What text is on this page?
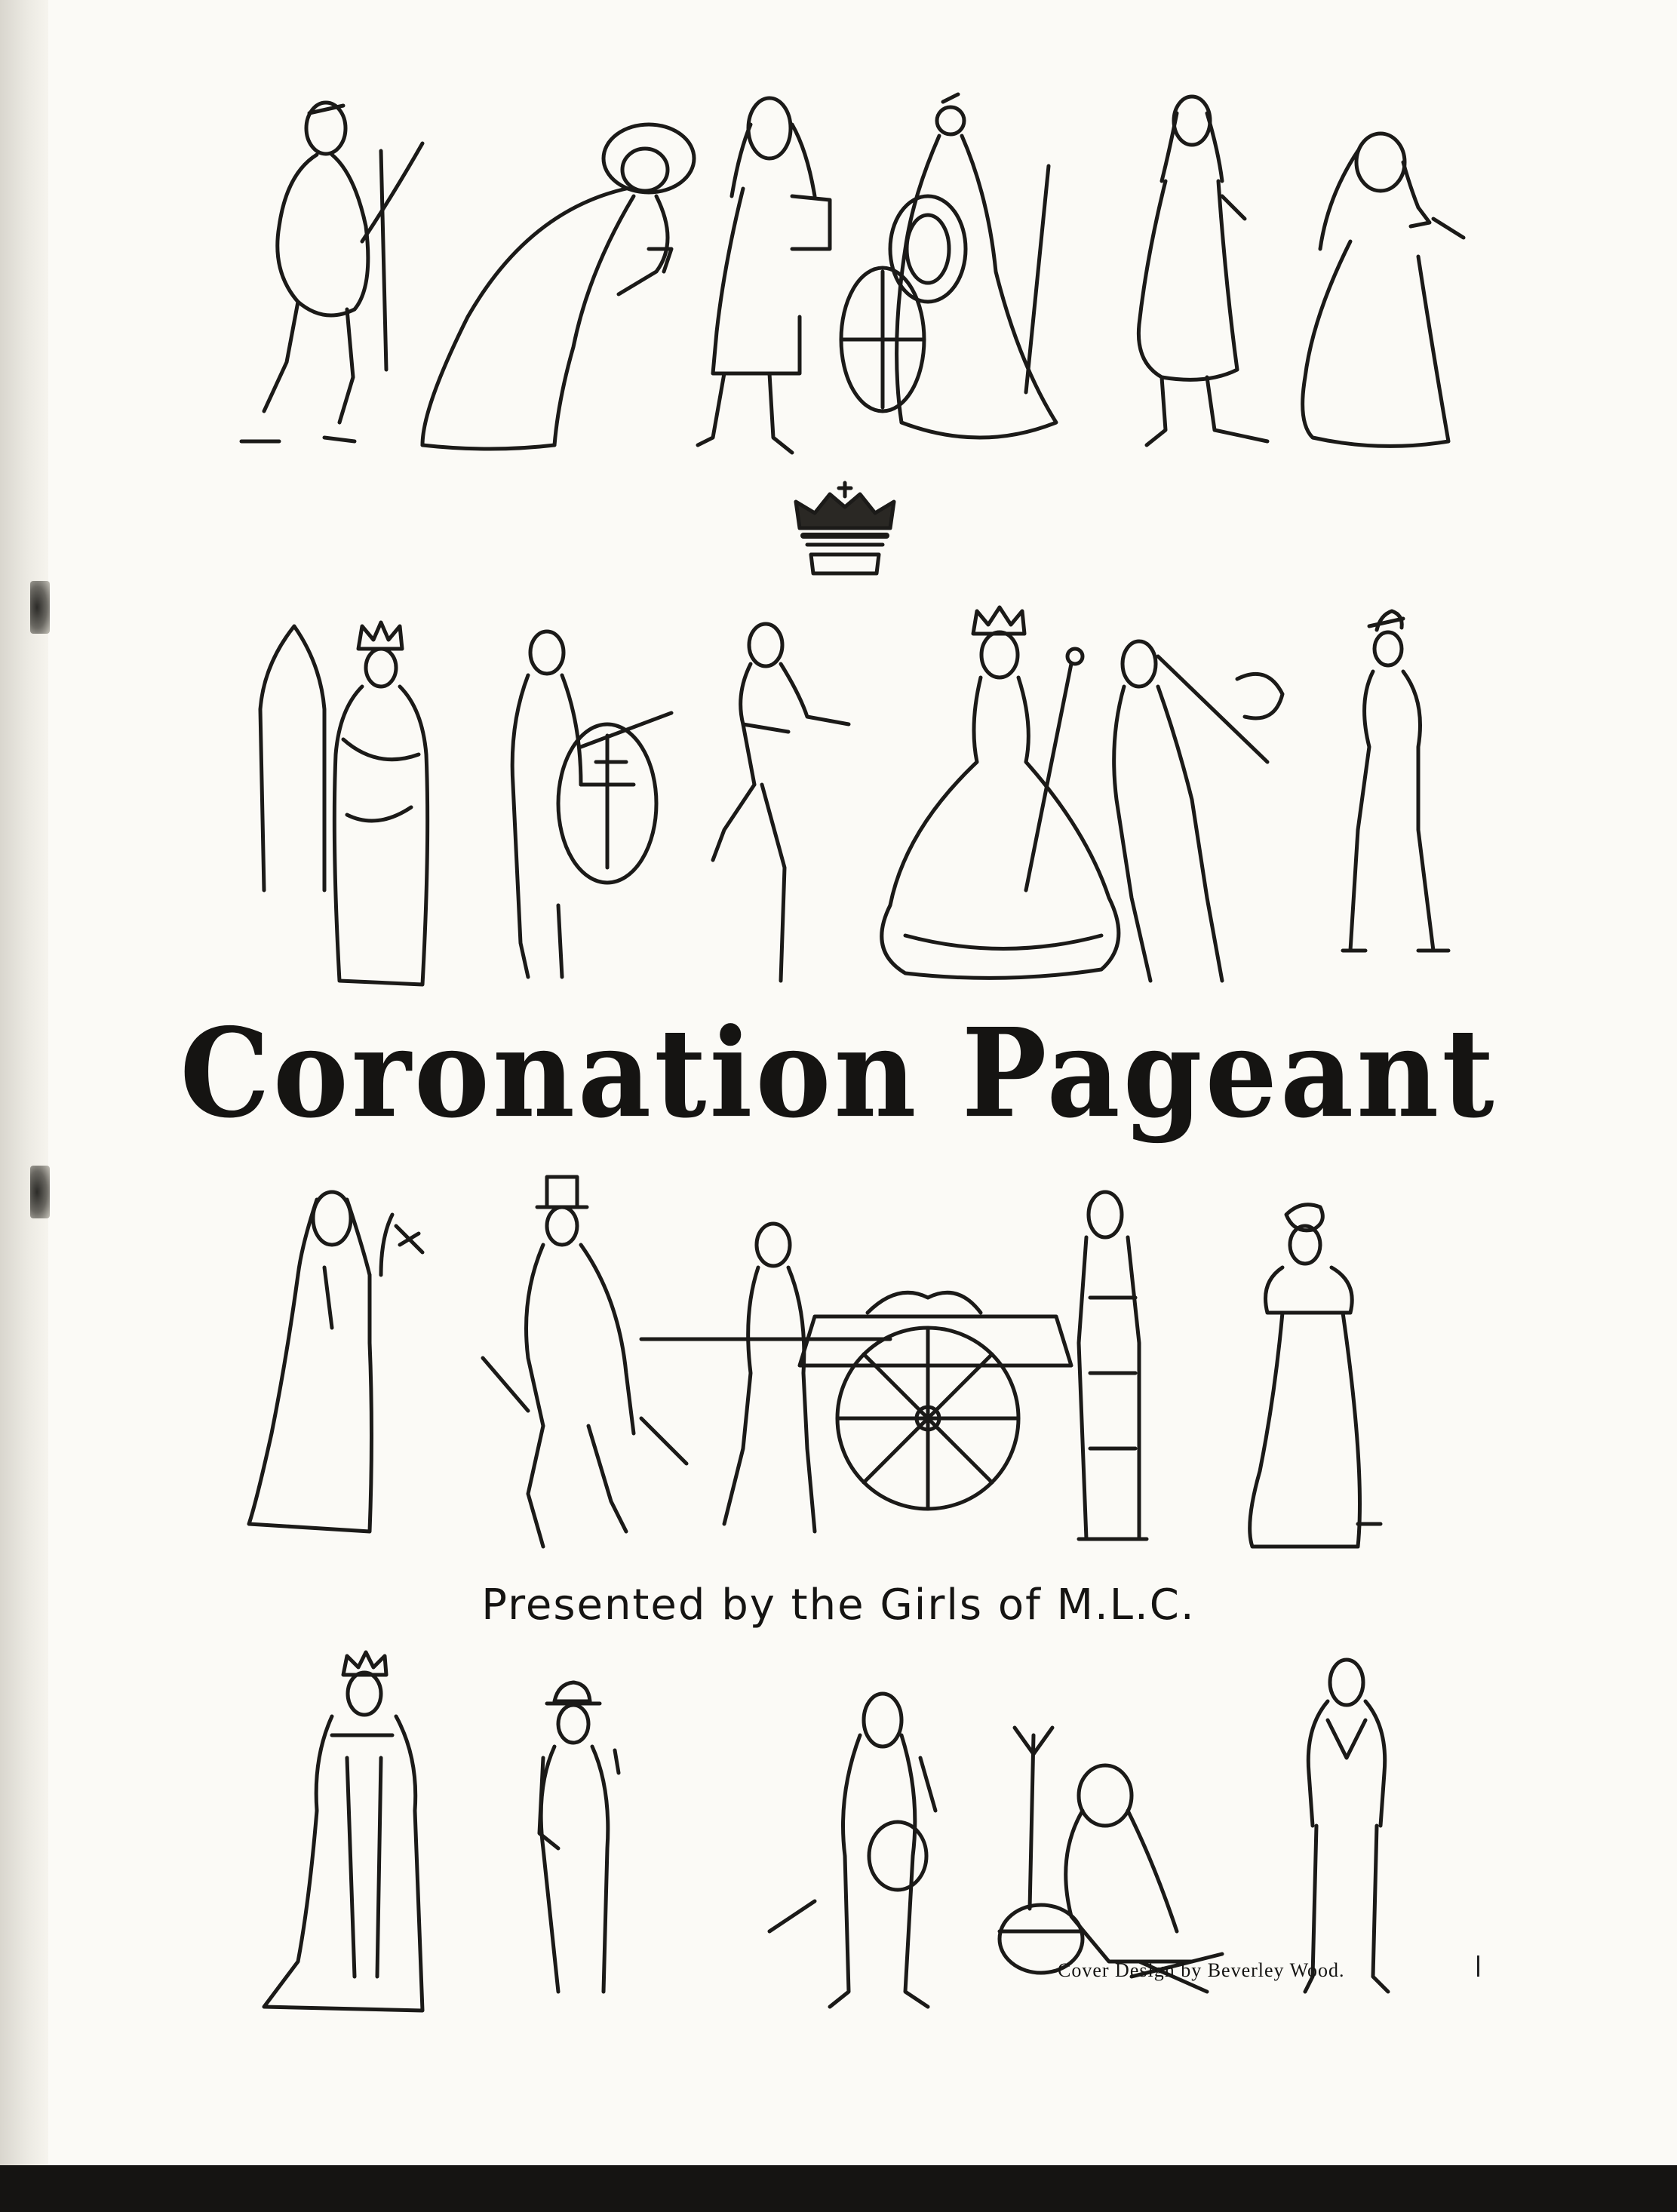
Coronation Pageant

Presented by the Girls of M.L.C.

—Cover Design by Beverley Wood.
